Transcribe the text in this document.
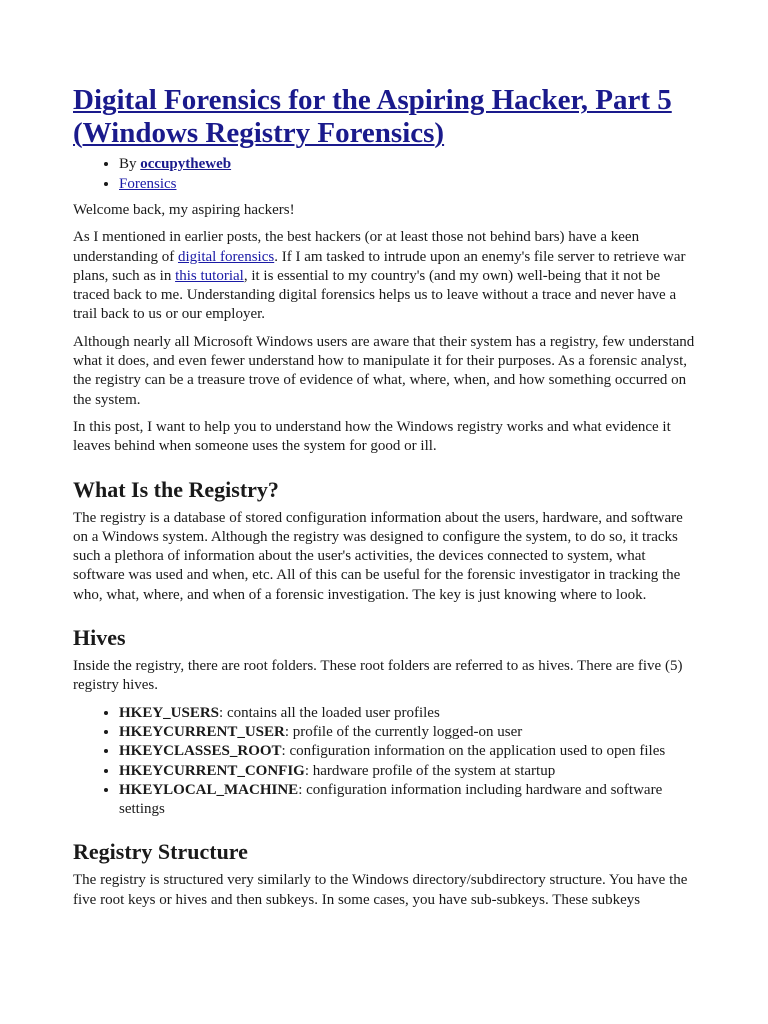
Digital Forensics for the Aspiring Hacker, Part 5 (Windows Registry Forensics)
• By occupytheweb
• Forensics

Welcome back, my aspiring hackers!

As I mentioned in earlier posts, the best hackers (or at least those not behind bars) have a keen understanding of digital forensics. If I am tasked to intrude upon an enemy's file server to retrieve war plans, such as in this tutorial, it is essential to my country's (and my own) well-being that it not be traced back to me. Understanding digital forensics helps us to leave without a trace and never have a trail back to us or our employer.

Although nearly all Microsoft Windows users are aware that their system has a registry, few understand what it does, and even fewer understand how to manipulate it for their purposes. As a forensic analyst, the registry can be a treasure trove of evidence of what, where, when, and how something occurred on the system.

In this post, I want to help you to understand how the Windows registry works and what evidence it leaves behind when someone uses the system for good or ill.

What Is the Registry?

The registry is a database of stored configuration information about the users, hardware, and software on a Windows system. Although the registry was designed to configure the system, to do so, it tracks such a plethora of information about the user's activities, the devices connected to system, what software was used and when, etc. All of this can be useful for the forensic investigator in tracking the who, what, where, and when of a forensic investigation. The key is just knowing where to look.

Hives

Inside the registry, there are root folders. These root folders are referred to as hives. There are five (5) registry hives.

• HKEY_USERS: contains all the loaded user profiles
• HKEYCURRENT_USER: profile of the currently logged-on user
• HKEYCLASSES_ROOT: configuration information on the application used to open files
• HKEYCURRENT_CONFIG: hardware profile of the system at startup
• HKEYLOCAL_MACHINE: configuration information including hardware and software settings
Registry Structure

The registry is structured very similarly to the Windows directory/subdirectory structure. You have the five root keys or hives and then subkeys. In some cases, you have sub-subkeys. These subkeys
